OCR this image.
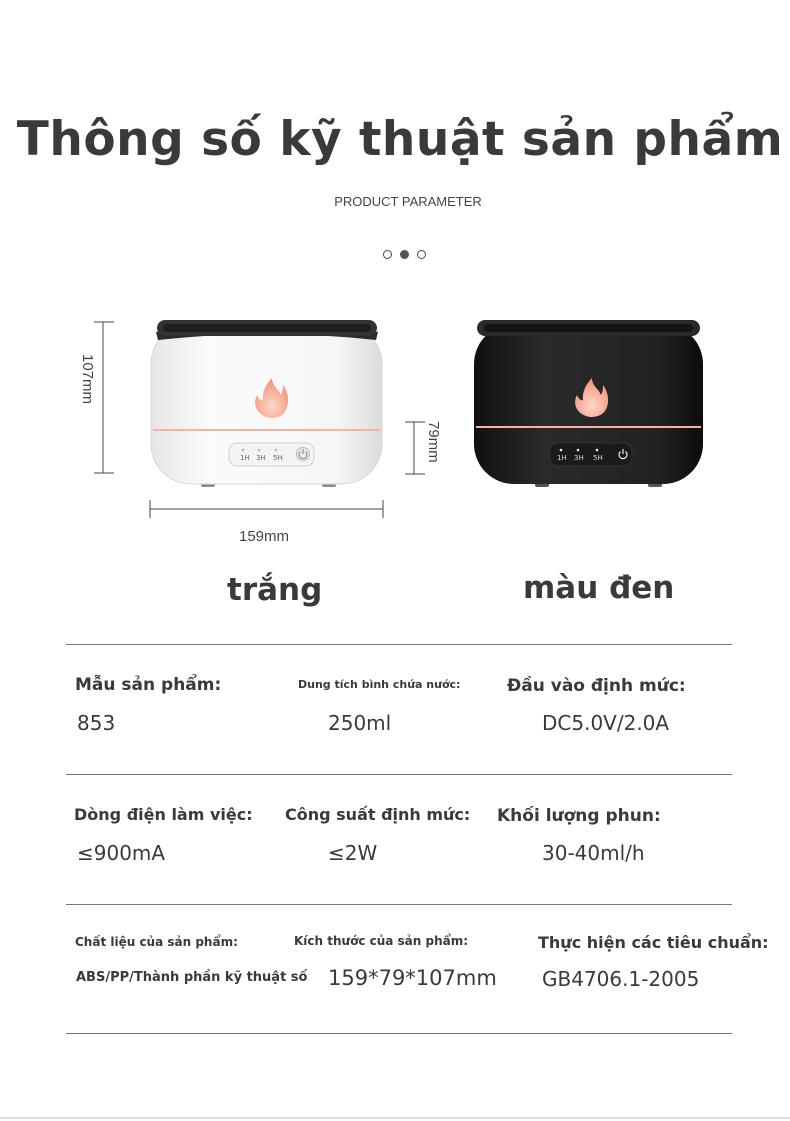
Thông số kỹ thuật sản phẩm
PRODUCT PARAMETER
1H 3H 5H	1H 3H 5H
107mm
79mm
159mm
trắng	màu đen
Mẫu sản phẩm:
853
Dung tích bình chứa nước:
250ml
Đầu vào định mức:
DC5.0V/2.0A
Dòng điện làm việc:
≤900mA
Công suất định mức:
≤2W
Khối lượng phun:
30-40ml/h
Chất liệu của sản phẩm:
ABS/PP/Thành phần kỹ thuật số
Kích thước của sản phẩm:
159*79*107mm
Thực hiện các tiêu chuẩn:
GB4706.1-2005
